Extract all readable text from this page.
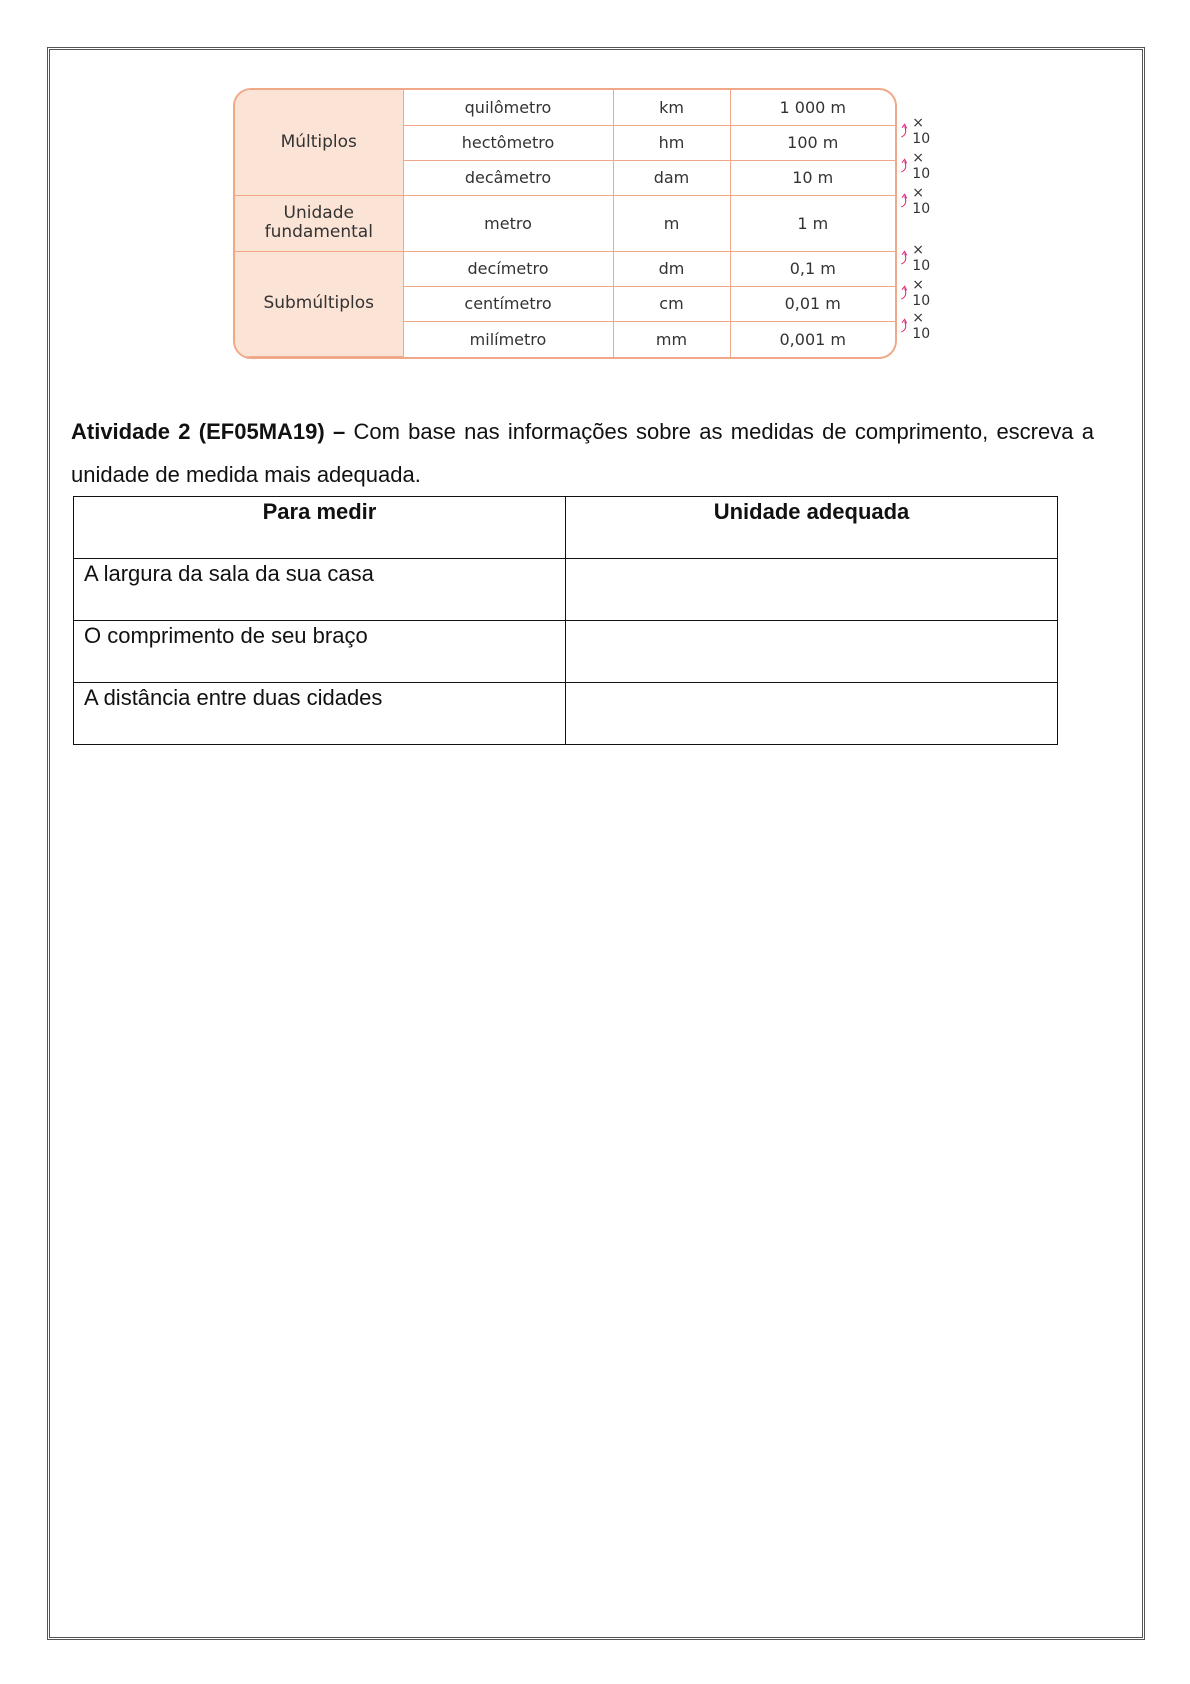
Múltiplos	quilômetro	km	1 000 m
	hectômetro	hm	100 m
	decâmetro	dam	10 m
Unidade
fundamental	metro	m	1 m
Submúltiplos	decímetro	dm	0,1 m
	centímetro	cm	0,01 m
	milímetro	mm	0,001 m
× 10
× 10
× 10
× 10
× 10
× 10
Atividade 2 (EF05MA19) – Com base nas informações sobre as medidas de comprimento, escreva a unidade de medida mais adequada.
Para medir	Unidade adequada
A largura da sala da sua casa	
O comprimento de seu braço	
A distância entre duas cidades	
